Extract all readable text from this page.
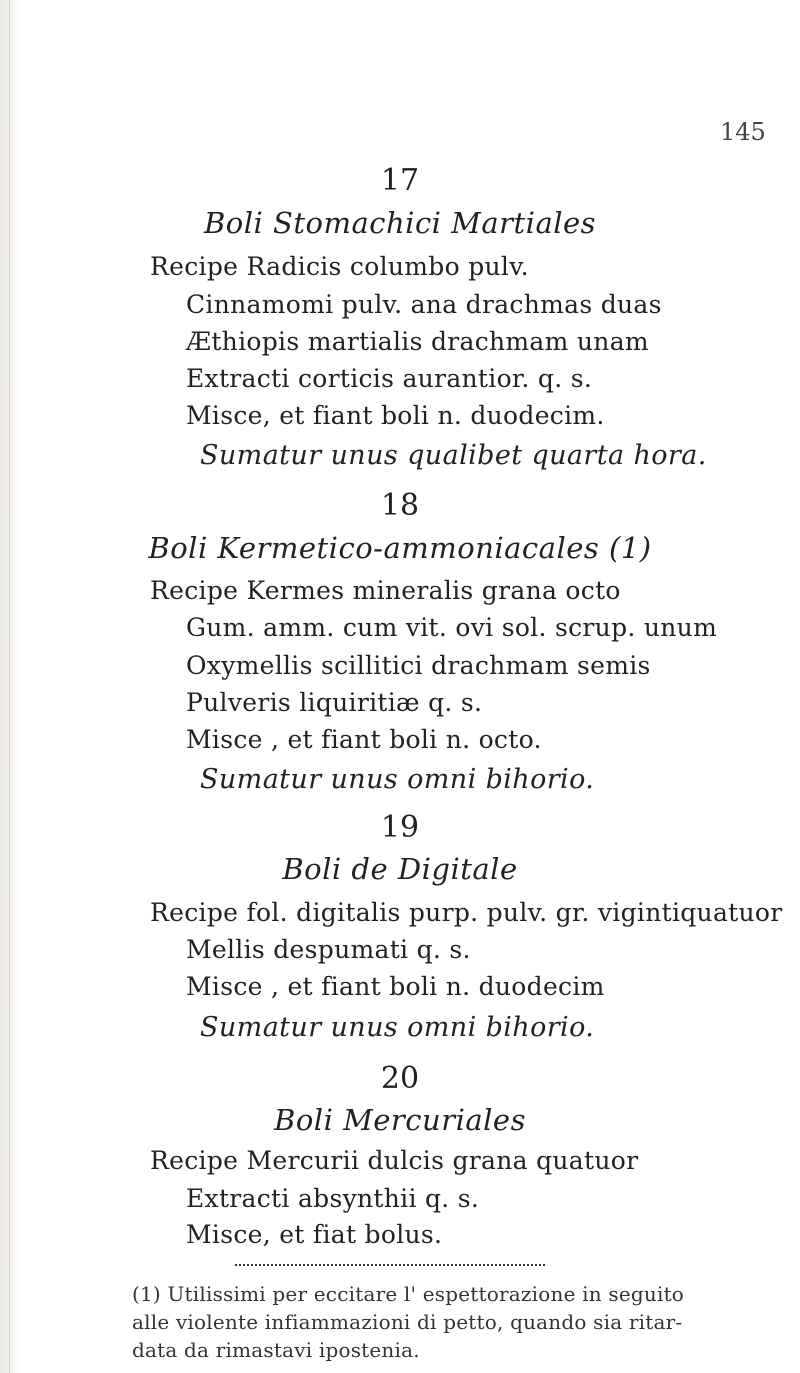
145
17
Boli Stomachici Martiales
Recipe Radicis columbo pulv.
Cinnamomi pulv. ana drachmas duas
Æthiopis martialis drachmam unam
Extracti corticis aurantior. q. s.
Misce, et fiant boli n. duodecim.
Sumatur unus qualibet quarta hora.
18
Boli Kermetico-ammoniacales (1)
Recipe Kermes mineralis grana octo
Gum. amm. cum vit. ovi sol. scrup. unum
Oxymellis scillitici drachmam semis
Pulveris liquiritiæ q. s.
Misce , et fiant boli n. octo.
Sumatur unus omni bihorio.
19
Boli de Digitale
Recipe fol. digitalis purp. pulv. gr. vigintiquatuor
Mellis despumati q. s.
Misce , et fiant boli n. duodecim
Sumatur unus omni bihorio.
20
Boli Mercuriales
Recipe Mercurii dulcis grana quatuor
Extracti absynthii q. s.
Misce, et fiat bolus.
(1) Utilissimi per eccitare l' espettorazione in seguito
alle violente infiammazioni di petto, quando sia ritar-
data da rimastavi ipostenia.
